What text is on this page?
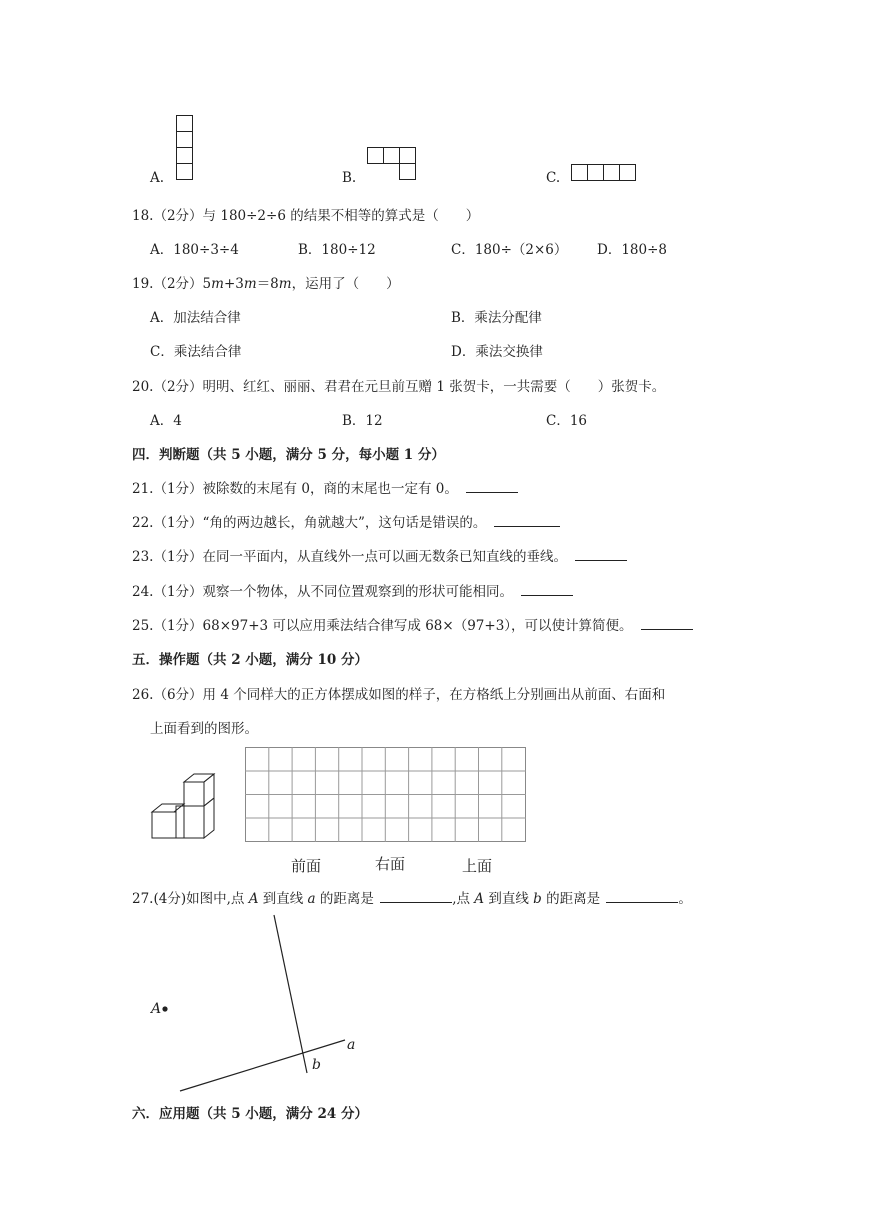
A.	B.	C.
18.（2分）与 180÷2÷6 的结果不相等的算式是（　　）
A．180÷3÷4	B．180÷12	C．180÷（2×6） D．180÷8
19.（2分）5m+3m＝8m，运用了（　　）
A．加法结合律	B．乘法分配律
C．乘法结合律	D．乘法交换律
20.（2分）明明、红红、丽丽、君君在元旦前互赠 1 张贺卡，一共需要（　　）张贺卡。
A．4	B．12	C．16
四．判断题（共 5 小题，满分 5 分，每小题 1 分）
21.（1分）被除数的末尾有 0，商的末尾也一定有 0。
22.（1分）“角的两边越长，角就越大”，这句话是错误的。
23.（1分）在同一平面内，从直线外一点可以画无数条已知直线的垂线。
24.（1分）观察一个物体，从不同位置观察到的形状可能相同。
25.（1分）68×97+3 可以应用乘法结合律写成 68×（97+3），可以使计算简便。
五．操作题（共 2 小题，满分 10 分）
26.（6分）用 4 个同样大的正方体摆成如图的样子，在方格纸上分别画出从前面、右面和
上面看到的图形。
前面	右面	上面
27.(4分)如图中,点 A 到直线 a 的距离是	,点 A 到直线 b 的距离是	。
A
a
b
六．应用题（共 5 小题，满分 24 分）
